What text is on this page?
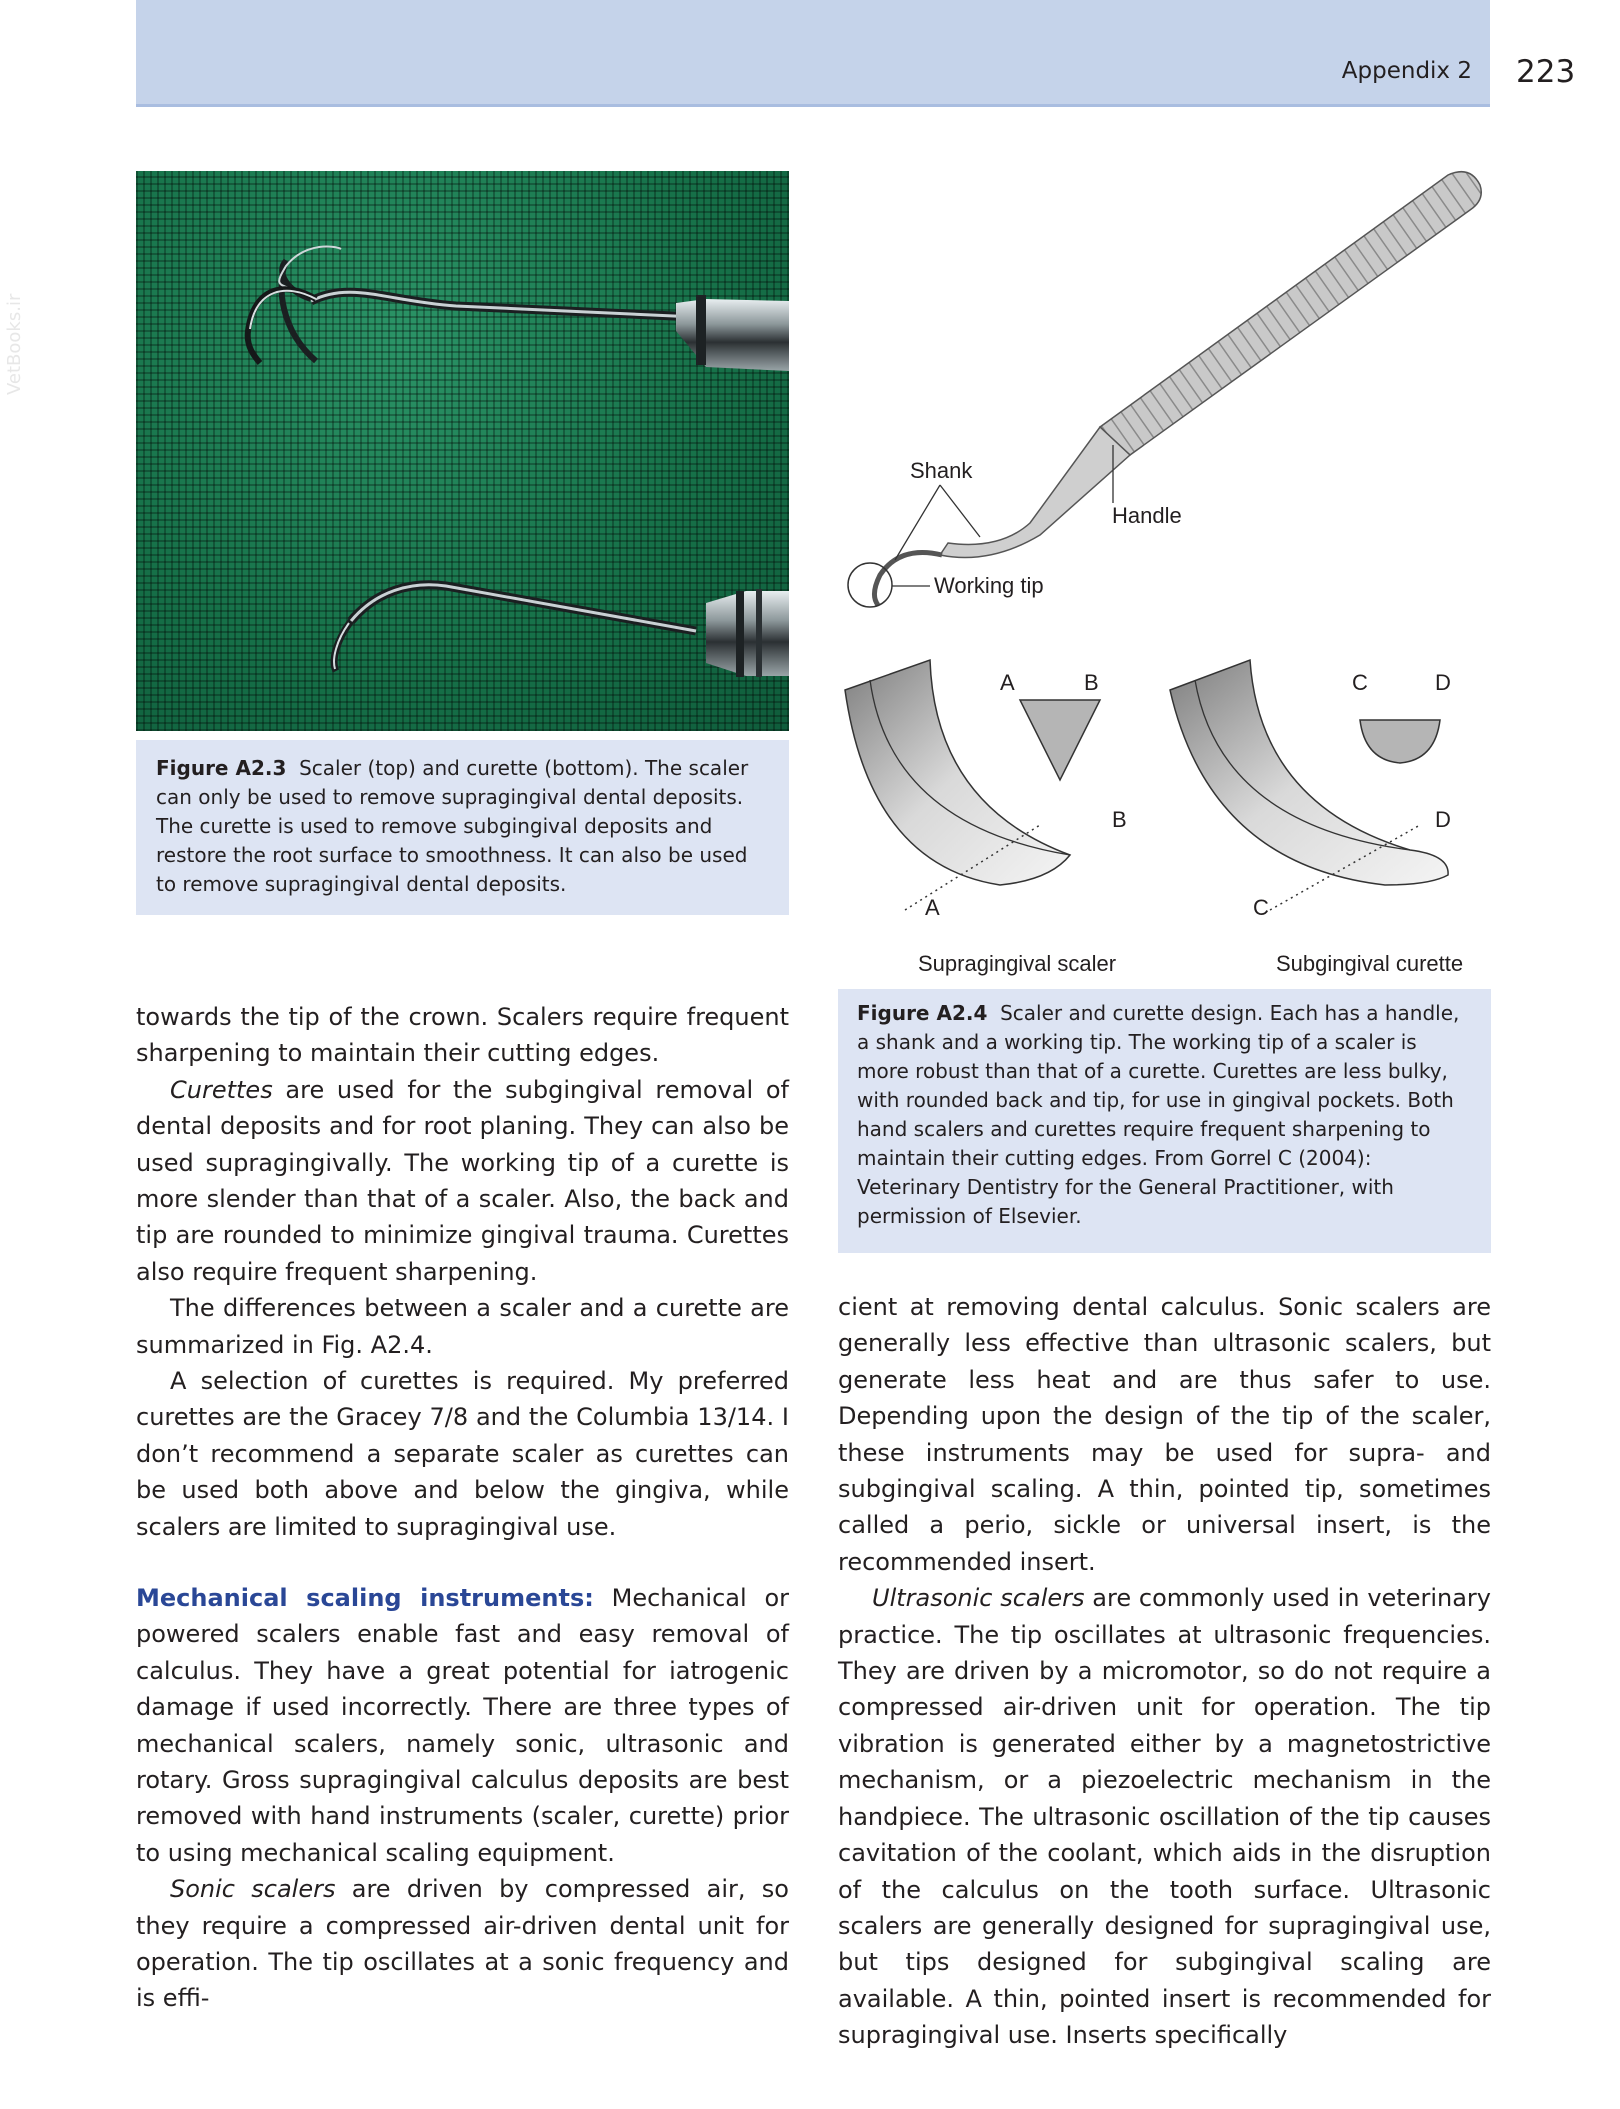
Appendix 2 223
VetBooks.ir
Figure A2.3 Scaler (top) and curette (bottom). The scaler can only be used to remove supragingival dental deposits. The curette is used to remove subgingival deposits and restore the root surface to smoothness. It can also be used to remove supragingival dental deposits.
Shank
Handle
Working tip
A	B
B
A
C	D
D
C
Supragingival scaler	Subgingival curette
Figure A2.4 Scaler and curette design. Each has a handle, a shank and a working tip. The working tip of a scaler is more robust than that of a curette. Curettes are less bulky, with rounded back and tip, for use in gingival pockets. Both hand scalers and curettes require frequent sharpening to maintain their cutting edges. From Gorrel C (2004): Veterinary Dentistry for the General Practitioner, with permission of Elsevier.

towards the tip of the crown. Scalers require frequent sharpening to maintain their cutting edges.

Curettes are used for the subgingival removal of dental deposits and for root planing. They can also be used supragingivally. The working tip of a curette is more slender than that of a scaler. Also, the back and tip are rounded to minimize gingival trauma. Curettes also require frequent sharpening.

The differences between a scaler and a curette are summarized in Fig. A2.4.

A selection of curettes is required. My preferred curettes are the Gracey 7/8 and the Columbia 13/14. I don’t recommend a separate scaler as curettes can be used both above and below the gingiva, while scalers are limited to supragingival use.

Mechanical scaling instruments: Mechanical or powered scalers enable fast and easy removal of calculus. They have a great potential for iatrogenic damage if used incorrectly. There are three types of mechanical scalers, namely sonic, ultrasonic and rotary. Gross supragingival calculus deposits are best removed with hand instruments (scaler, curette) prior to using mechanical scaling equipment.

Sonic scalers are driven by compressed air, so they require a compressed air-driven dental unit for operation. The tip oscillates at a sonic frequency and is effi-

cient at removing dental calculus. Sonic scalers are generally less effective than ultrasonic scalers, but generate less heat and are thus safer to use. Depending upon the design of the tip of the scaler, these instruments may be used for supra- and subgingival scaling. A thin, pointed tip, sometimes called a perio, sickle or universal insert, is the recommended insert.

Ultrasonic scalers are commonly used in veterinary practice. The tip oscillates at ultrasonic frequencies. They are driven by a micromotor, so do not require a compressed air-driven unit for operation. The tip vibration is generated either by a magnetostrictive mechanism, or a piezoelectric mechanism in the handpiece. The ultrasonic oscillation of the tip causes cavitation of the coolant, which aids in the disruption of the calculus on the tooth surface. Ultrasonic scalers are generally designed for supragingival use, but tips designed for subgingival scaling are available. A thin, pointed insert is recommended for supragingival use. Inserts specifically
